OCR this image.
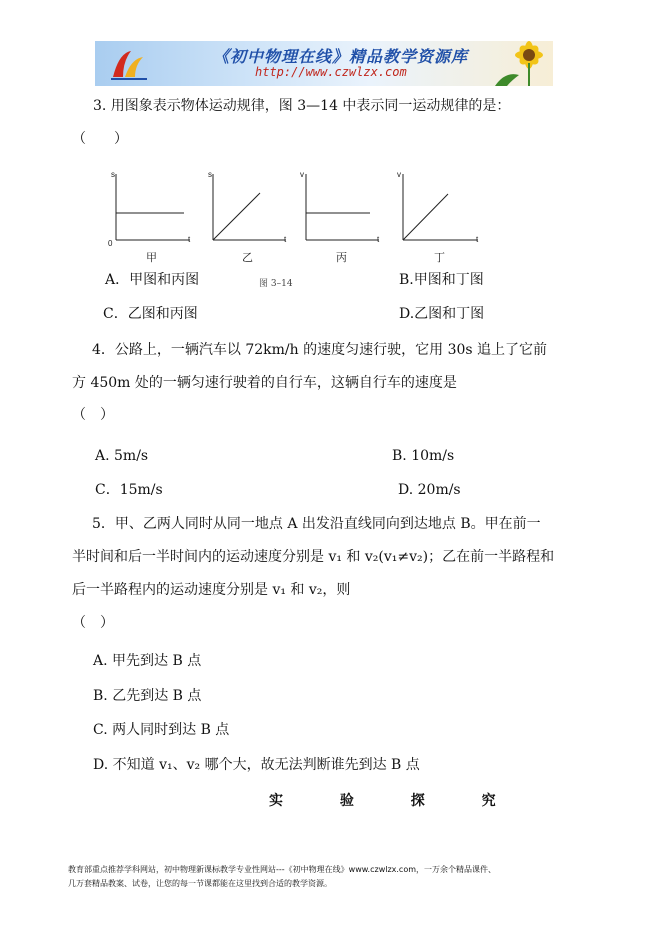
《初中物理在线》精品教学资源库
http://www.czwlzx.com
3. 用图象表示物体运动规律，图 3—14 中表示同一运动规律的是：
（　　）
s
t
0
s
t
v
t
v
t
甲	乙	丙	丁
A．甲图和丙图	图 3–14	B.甲图和丁图
C．乙图和丙图	D.乙图和丁图
4．公路上，一辆汽车以 72km/h 的速度匀速行驶，它用 30s 追上了它前
方 450m 处的一辆匀速行驶着的自行车，这辆自行车的速度是
（　）
A. 5m/s	B. 10m/s
C．15m/s	D. 20m/s
5．甲、乙两人同时从同一地点 A 出发沿直线同向到达地点 B。甲在前一
半时间和后一半时间内的运动速度分别是 v₁ 和 v₂(v₁≠v₂)；乙在前一半路程和
后一半路程内的运动速度分别是 v₁ 和 v₂，则
（　）
A. 甲先到达 B 点
B. 乙先到达 B 点
C. 两人同时到达 B 点
D. 不知道 v₁、v₂ 哪个大，故无法判断谁先到达 B 点
实 验 探 究
教育部重点推荐学科网站，初中物理新课标教学专业性网站---《初中物理在线》www.czwlzx.com，一万余个精品课件、
几万套精品教案、试卷，让您的每一节课都能在这里找到合适的教学资源。
